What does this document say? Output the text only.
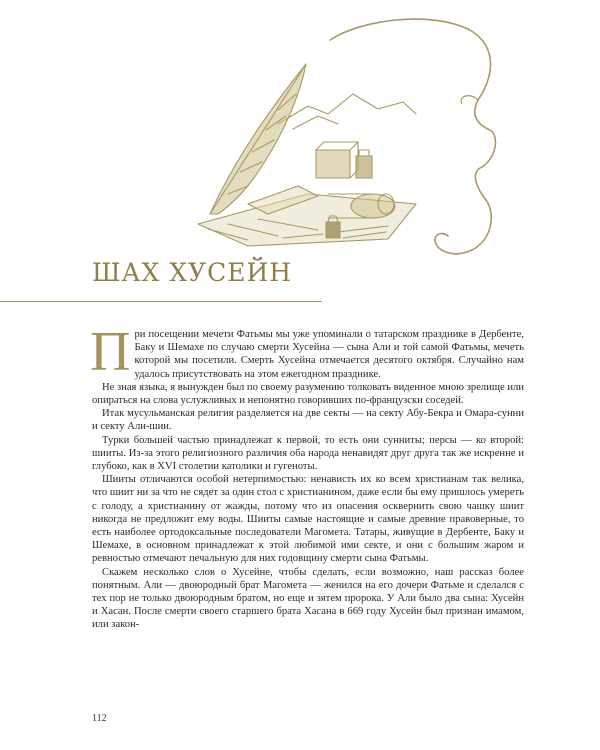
ШАХ ХУСЕЙН

При посещении мечети Фатьмы мы уже упоминали о татарском празднике в Дербенте, Баку и Шемахе по случаю смерти Хусейна — сына Али и той самой Фатьмы, мечеть которой мы посетили. Смерть Хусейна отмечается десятого октября. Случайно нам удалось присутствовать на этом ежегодном празднике.

Не зная языка, я вынужден был по своему разумению толковать виденное мною зрелище или опираться на слова услужливых и непонятно говоривших по-французски соседей.

Итак мусульманская религия разделяется на две секты — на секту Абу-Бекра и Омара-сунни и секту Али-шии.

Турки большей частью принадлежат к первой, то есть они сунниты; персы — ко второй: шииты. Из-за этого религиозного различия оба народа ненавидят друг друга так же искренне и глубоко, как в XVI столетии католики и гугеноты.

Шииты отличаются особой нетерпимостью: ненависть их ко всем христианам так велика, что шиит ни за что не сядет за один стол с христианином, даже если бы ему пришлось умереть с голоду, а христианину от жажды, потому что из опасения осквернить свою чашку шиит никогда не предложит ему воды. Шииты самые настоящие и самые древние правоверные, то есть наиболее ортодоксальные последователи Магомета. Татары, живущие в Дербенте, Баку и Шемахе, в основном принадлежат к этой любимой ими секте, и они с большим жаром и ревностью отмечают печальную для них годовщину смерти сына Фатьмы.

Скажем несколько слов о Хусейне, чтобы сделать, если возможно, наш рассказ более понятным. Али — двоюродный брат Магомета — женился на его дочери Фатьме и сделался с тех пор не только двоюродным братом, но еще и зятем пророка. У Али было два сына: Хусейн и Хасан. После смерти своего старшего брата Хасана в 669 году Хусейн был признан имамом, или закон-

112
